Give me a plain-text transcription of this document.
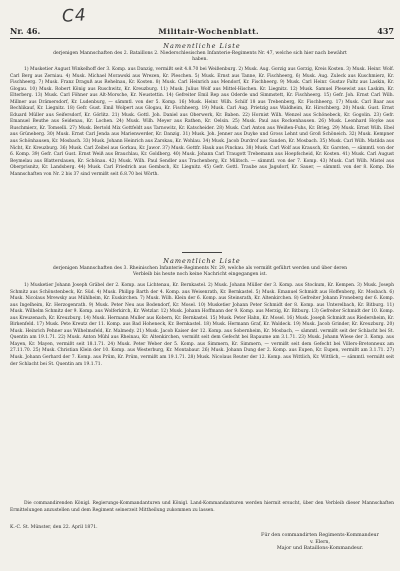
C4
Nr. 46.	Militair-Wochenblatt.	437
Namentliche Liste
derjenigen Mannschaften des 2. Bataillons 2. Niederschlesischen Infanterie-Regiments Nr. 47, welche sich hier nach bewährt haben.

1) Musketier August Winkelhoff der 3. Komp. aus Danzig, vermißt seit 4.8.70 bei Weißenburg. 2) Musk. Aug. Gorzig aus Gorzig, Kreis Kosten. 3) Musk. Heinr. Wolf. Carl Berg aus Zerniau. 4) Musk. Michael Morawski aus Wrezen, Kr. Pleschen. 5) Musk. Ernst aus Tanne, Kr. Fischheerg, 6) Musk. Aug. Zuleck aus Kuschmierz, Kr. Fischheerg. 7) Musk. Franz Draguß aus Rehelnau, Kr. Kosten. 8) Musk. Carl Heinrich aus Mendorf, Kr. Fischheerg. 9) Musk. Carl Heinr. Gustav Faltz aus Laskin, Kr. Glogau. 10) Musk. Robert König aus Ruschwitz, Kr. Kreuzburg. 11) Musk. Julius Wolf aus Mittel-Hischen. Kr. Liegnitz. 12) Musk. Samuel Plesewist aus Laskim, Kr. Elterberg. 13) Musk. Carl Föhner aus Alt-Morsche, Kr. Neustettin. 14) Gefreiter Emil Rep aus Oderde und Simmstett, Kr. Fischheerg. 15) Gefr. Joh. Ernst Carl Wilh. Millner aus Drämersdorf, Kr. Ludenburg, — sämmtl. von der 5. Komp. 16) Musk. Heinr. Wilh. Schilf 18 aus Trebenberg, Kr. Fischheerg. 17) Musk. Carl Baar aus Bechlikauf, Kr. Liegnitz. 18) Gefr. Gust. Emil Wolpert aus Glogau, Kr. Fischheerg. 19) Musk. Carl Aug. Prietzig aus Waldheim, Kr. Hirschberg. 20) Musk. Gust. Ernst Eduard Müller aus Seifersdorf, Kr. Görlitz. 21) Musk. Gottl. Joh. Daniel aus Oberwerk, Kr. Baben. 22) Hornist Wilh. Wenzel aus Schönebeck, Kr. Gogolin. 23) Gefr. Emanuel Beuthe aus Seidenau, Kr. Lochen. 24) Musk. Wilh. Meyer aus Rathen, Kr. Oelsin. 25) Musk. Paul aus Rockenhausen. 26) Musk. Leonhard Hoyke aus Ruschmierz, Kr. Tomselli. 27) Musk. Bertold Mix Gottfeldt aus Tarnowitz, Kr. Katscheider. 28) Musk. Carl Anton aus Weißen-Fuhs, Kr. Brieg. 29) Musk. Ernst Wilh. Ebel aus Grüneberg. 30) Musk. Ernst Carl Jenda aus Marienwerder, Kr. Danzig. 31) Musk. Joh. Jenner aus Duyke und Gross Lehnt und Groß Schöneich. 32) Musk. Kempner aus Schönhausen, Kr. Mosbach. 33) Musk. Johann Heinrich aus Zarskau, Kr. Wohlau. 34) Musk. Jacob Durdrof aus Sanden, Kr. Mosbach. 35) Musk. Carl Wilh. Matilda aus Nicht, Kr. Kreuzburg. 36) Musk. Carl Zeibel aus Gorkau, Kr. Jawor. 37) Musk. Gottfr. Hauk aus Pinckau. 38) Musk. Carl Wolf aus Krausch, Kr. Garsten, — sämmtl. von der 6. Komp. 39) Gefr. Carl Gust. Ernst Weiß aus Brauchlau, Kr. Goldberg. 40) Musk. Johann Carl Traugott Trebemann aus Hoepfscheid, Kr. Kosten. 41) Musk. Carl August Beymelau aus Blatterslauen, Kr. Schönau. 42) Musk. Wilh. Paul Sendler aus Trachenberg, Kr. Militsch. — sämmtl. von der 7. Komp. 43) Musk. Carl Wilh. Mistel aus Oberprisnitz, Kr. Landsberg. 44) Musk. Carl Friedrich aus Gembsch, Kr. Liegnitz. 45) Gefr. Gottl. Traube aus Jagsdorf, Kr. Sauer, — sämmtl. von der 8. Komp. Die Mannschaften von Nr. 2 bis 37 sind vermißt seit 6.8.70 bei Wörth.

Namentliche Liste
derjenigen Mannschaften des 3. Rheinischen Infanterie-Regiments Nr. 29, welche als vermißt geführt werden und über deren Verbleib bis heute noch keine Nachricht eingegangen ist.

1) Musketier Johann Joseph Gräbel der 2. Komp. aus Lichtenau, Kr. Bernkastel. 2) Musk. Johann Müller der 3. Komp. aus Stockum, Kr. Kempen. 3) Musk. Joseph Schmitz aus Schönstenbeck, Kr. Süd. 4) Musk. Philipp Barth der 4. Komp. aus Weisenrath, Kr. Bernkastel. 5) Musk. Emanuel Schmidt aus Hoffenberg, Kr. Mosbach. 6) Musk. Nicolaus Mrewsky aus Mühlheim, Kr. Euskirchen. 7) Musk. Wilh. Klein der 6. Komp. aus Steinsrath, Kr. Altenkirchen. 8) Gefreiter Johann Froneberg der 6. Komp. aus Ingelheim, Kr. Herzogenrath. 9) Musk. Peter Neu aus Bodendorf, Kr. Mosel. 10) Musketier Johann Peter Schmidt der 8. Komp. aus Unterelbach, Kr. Bitburg. 11) Musk. Wilhelm Schmitz der 9. Komp. aus Wolferkirch, Kr. Wetzlar. 12) Musk. Johann Hoffmann der 9. Komp. aus Merzig, Kr. Bitburg. 13) Gefreiter Schmidt der 10. Komp. aus Kreuzenach, Kr. Kreuzburg. 14) Musk. Hermann Muller aus Kobern, Kr. Bernkastel. 15) Musk. Peter Hahn, Kr. Mosel. 16) Musk. Joseph Schmidt aus Riedersheim, Kr. Birkenfeld. 17) Musk. Pete Kreutz der 11. Komp. aus Bad Hoheneck, Kr. Bernkastel. 18) Musk. Hermann Graf, Kr. Waldeck. 19) Musk. Jacob Grinder, Kr. Kreuzburg. 20) Musk. Heinrich Pehner aus Wilhelmsfeld, Kr. Malmedy. 21) Musk. Jacob Kaiser der 12. Komp. aus Sobernheim, Kr. Mosbach, — sämmtl. vermißt seit der Schlacht bei St. Quentin am 19.1.71. 22) Musk. Anton Mühl aus Rheinau, Kr. Altenkirchen, vermißt seit dem Gefecht bei Bapaume am 3.1.71. 23) Musk. Johann Wiese der 3. Komp. aus Mayen, Kr. Mayen, vermißt seit 18.1.71. 24) Musk. Peter Weber der 5. Komp. aus Simmern, Kr. Simmern, — vermißt seit dem Gefecht bei Villers-Bretonneux am 27.11.70. 25) Musk. Christian Klein der 10. Komp. aus Westerburg, Kr. Montabaur. 26) Musk. Johann Dung der 2. Komp. aus Eupen, Kr. Eupen, vermißt am 3.1.71. 27) Musk. Johann Gerhard der 7. Komp. aus Prüm, Kr. Prüm, vermißt am 19.1.71. 28) Musk. Nicolaus Reuter der 12. Komp. aus Wittlich, Kr. Wittlich, — sämmtl. vermißt seit der Schlacht bei St. Quentin am 19.1.71.

Die commandirenden Königl. Regierungs-Kommandanturen und Königl. Land-Kommandanturen werden hiermit ersucht, über den Verbleib dieser Mannschaften Ermittelungen anzustellen und dem Regiment seinerzeit Mittheilung zukommen zu lassen.

K.-C. St. Münster, den 22. April 1871.
Für den commandirten Regiments-Kommandeur
v. Elern,
Major und Bataillons-Kommandeur.
